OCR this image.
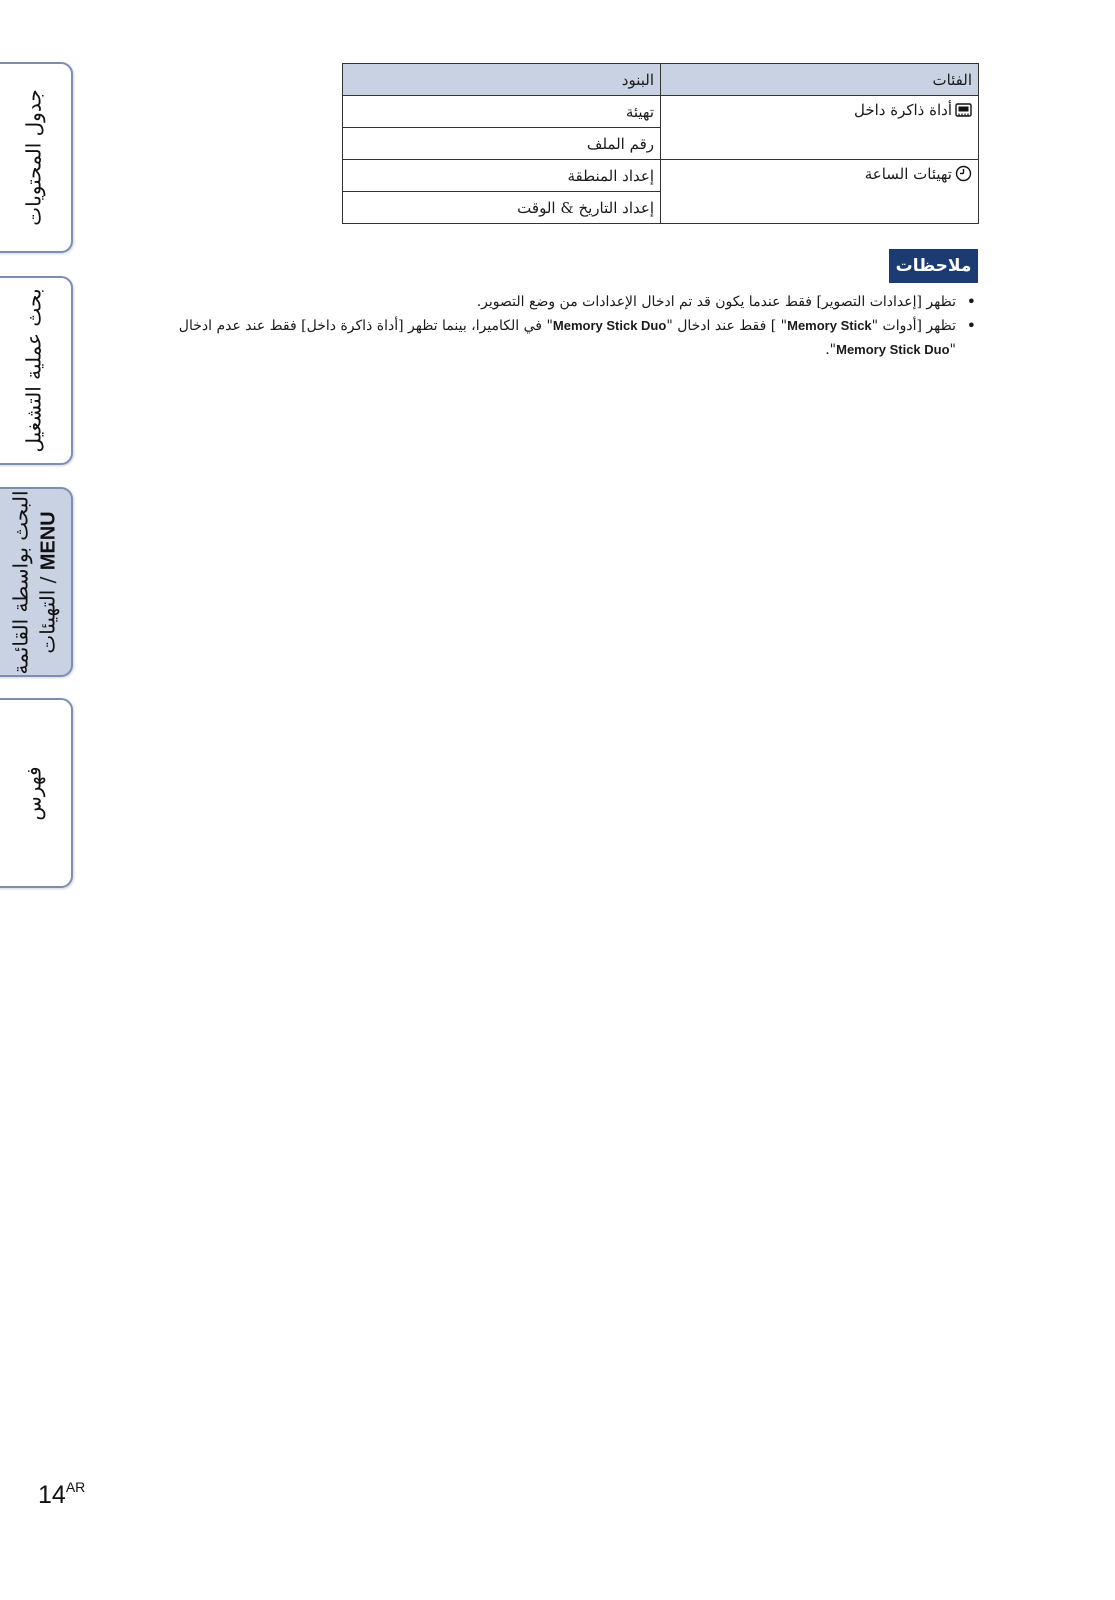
جدول المحتويات
بحث عملية التشغيل
البحث بواسطة القائمة MENU / التهيئات
فهرس
الفئات	البنود
أداة ذاكرة داخل	تهيئة
	رقم الملف
تهيئات الساعة	إعداد المنطقة
	إعداد التاريخ & الوقت
ملاحظات
• تظهر [إعدادات التصوير] فقط عندما يكون قد تم ادخال الإعدادات من وضع التصوير.
• تظهر [أدوات "Memory Stick" ] فقط عند ادخال "Memory Stick Duo" في الكاميرا، بينما تظهر [أداة ذاكرة داخل] فقط عند عدم ادخال "Memory Stick Duo".
$14^{AR}$
